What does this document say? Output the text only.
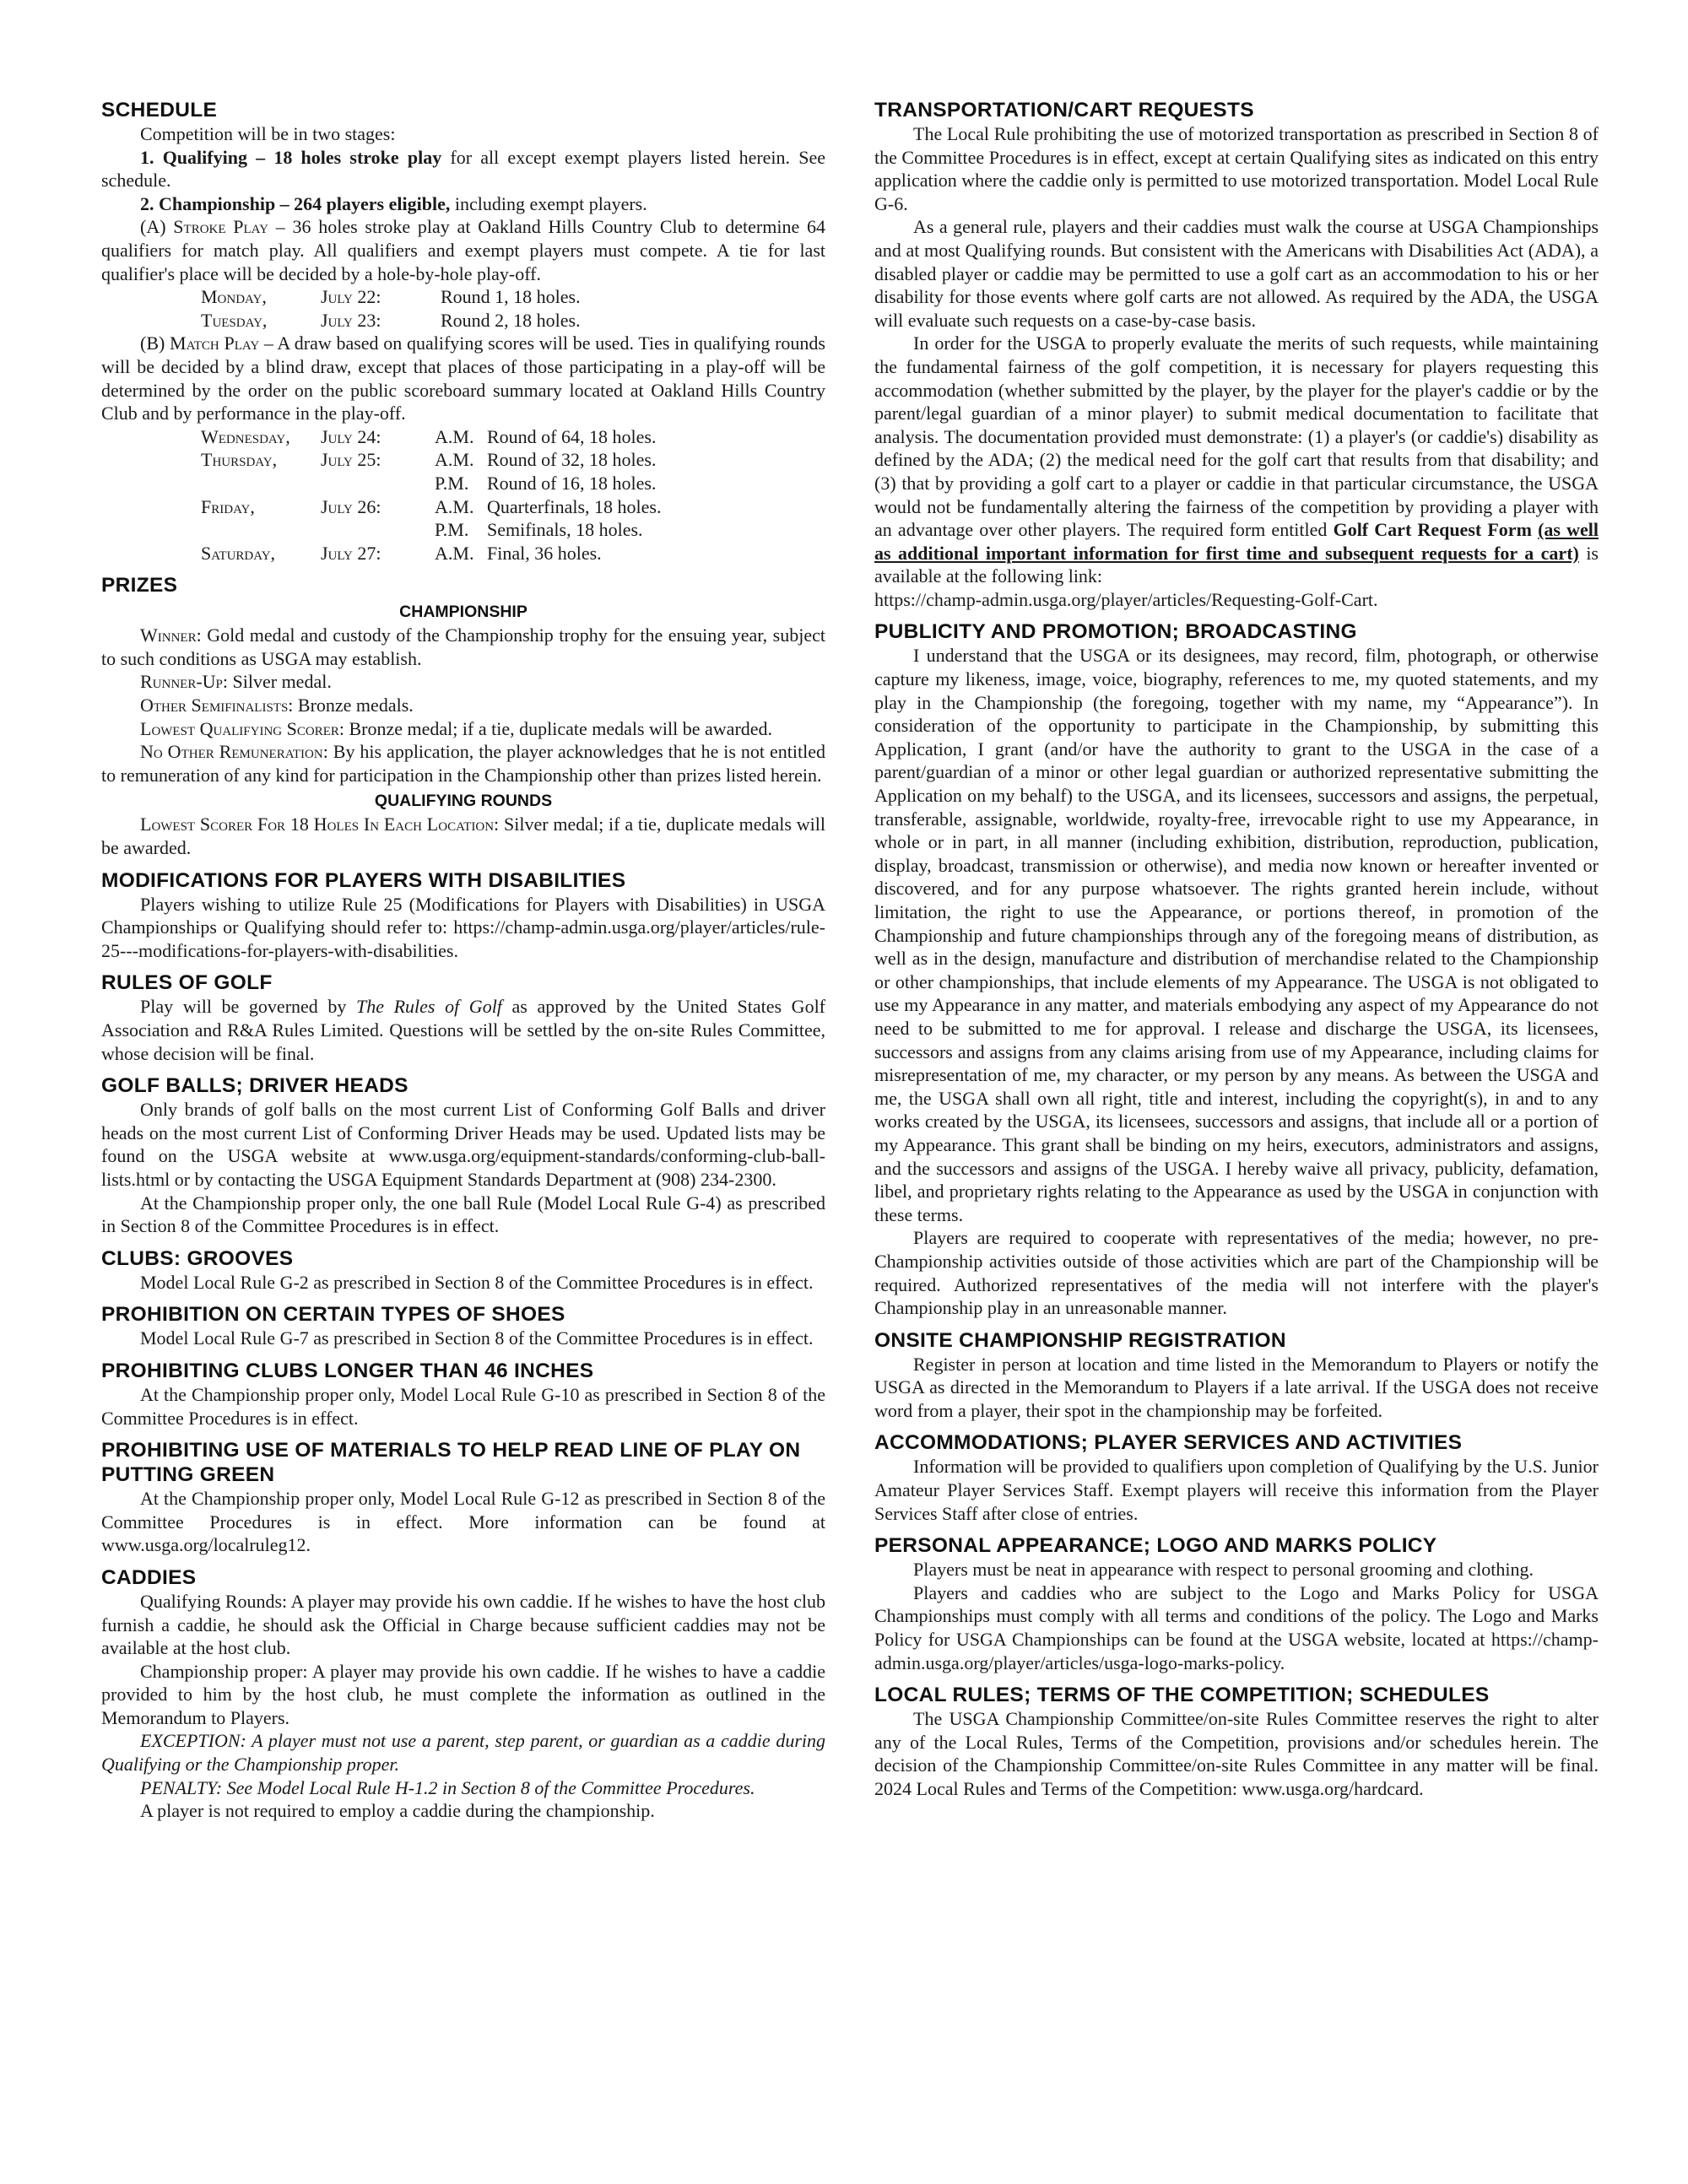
SCHEDULE

Competition will be in two stages:

1. Qualifying – 18 holes stroke play for all except exempt players listed herein. See schedule.

2. Championship – 264 players eligible, including exempt players.

(A) Stroke Play – 36 holes stroke play at Oakland Hills Country Club to determine 64 qualifiers for match play. All qualifiers and exempt players must compete. A tie for last qualifier's place will be decided by a hole-by-hole play-off.

Monday,	July 22:	Round 1, 18 holes.
Tuesday,	July 23:	Round 2, 18 holes.

(B) Match Play – A draw based on qualifying scores will be used. Ties in qualifying rounds will be decided by a blind draw, except that places of those participating in a play-off will be determined by the order on the public scoreboard summary located at Oakland Hills Country Club and by performance in the play-off.

Wednesday,	July 24:	A.M.	Round of 64, 18 holes.
Thursday,	July 25:	A.M.	Round of 32, 18 holes.
		P.M.	Round of 16, 18 holes.
Friday,	July 26:	A.M.	Quarterfinals, 18 holes.
		P.M.	Semifinals, 18 holes.
Saturday,	July 27:	A.M.	Final, 36 holes.
PRIZES
CHAMPIONSHIP

Winner: Gold medal and custody of the Championship trophy for the ensuing year, subject to such conditions as USGA may establish.

Runner-Up: Silver medal.

Other Semifinalists: Bronze medals.

Lowest Qualifying Scorer: Bronze medal; if a tie, duplicate medals will be awarded.

No Other Remuneration: By his application, the player acknowledges that he is not entitled to remuneration of any kind for participation in the Championship other than prizes listed herein.

QUALIFYING ROUNDS

Lowest Scorer For 18 Holes In Each Location: Silver medal; if a tie, duplicate medals will be awarded.

MODIFICATIONS FOR PLAYERS WITH DISABILITIES

Players wishing to utilize Rule 25 (Modifications for Players with Disabilities) in USGA Championships or Qualifying should refer to: https://champ-admin.usga.org/player/articles/rule-25---modifications-for-players-with-disabilities.

RULES OF GOLF

Play will be governed by The Rules of Golf as approved by the United States Golf Association and R&A Rules Limited. Questions will be settled by the on-site Rules Committee, whose decision will be final.

GOLF BALLS; DRIVER HEADS

Only brands of golf balls on the most current List of Conforming Golf Balls and driver heads on the most current List of Conforming Driver Heads may be used. Updated lists may be found on the USGA website at www.usga.org/equipment-standards/conforming-club-ball-lists.html or by contacting the USGA Equipment Standards Department at (908) 234-2300.

At the Championship proper only, the one ball Rule (Model Local Rule G-4) as prescribed in Section 8 of the Committee Procedures is in effect.

CLUBS: GROOVES

Model Local Rule G-2 as prescribed in Section 8 of the Committee Procedures is in effect.

PROHIBITION ON CERTAIN TYPES OF SHOES

Model Local Rule G-7 as prescribed in Section 8 of the Committee Procedures is in effect.

PROHIBITING CLUBS LONGER THAN 46 INCHES

At the Championship proper only, Model Local Rule G-10 as prescribed in Section 8 of the Committee Procedures is in effect.

PROHIBITING USE OF MATERIALS TO HELP READ LINE OF PLAY ON PUTTING GREEN

At the Championship proper only, Model Local Rule G-12 as prescribed in Section 8 of the Committee Procedures is in effect. More information can be found at www.usga.org/localruleg12.

CADDIES

Qualifying Rounds: A player may provide his own caddie. If he wishes to have the host club furnish a caddie, he should ask the Official in Charge because sufficient caddies may not be available at the host club.

Championship proper: A player may provide his own caddie. If he wishes to have a caddie provided to him by the host club, he must complete the information as outlined in the Memorandum to Players.

EXCEPTION: A player must not use a parent, step parent, or guardian as a caddie during Qualifying or the Championship proper.

PENALTY: See Model Local Rule H-1.2 in Section 8 of the Committee Procedures.

A player is not required to employ a caddie during the championship.

TRANSPORTATION/CART REQUESTS

The Local Rule prohibiting the use of motorized transportation as prescribed in Section 8 of the Committee Procedures is in effect, except at certain Qualifying sites as indicated on this entry application where the caddie only is permitted to use motorized transportation. Model Local Rule G-6.

As a general rule, players and their caddies must walk the course at USGA Championships and at most Qualifying rounds. But consistent with the Americans with Disabilities Act (ADA), a disabled player or caddie may be permitted to use a golf cart as an accommodation to his or her disability for those events where golf carts are not allowed. As required by the ADA, the USGA will evaluate such requests on a case-by-case basis.

In order for the USGA to properly evaluate the merits of such requests, while maintaining the fundamental fairness of the golf competition, it is necessary for players requesting this accommodation (whether submitted by the player, by the player for the player's caddie or by the parent/legal guardian of a minor player) to submit medical documentation to facilitate that analysis. The documentation provided must demonstrate: (1) a player's (or caddie's) disability as defined by the ADA; (2) the medical need for the golf cart that results from that disability; and (3) that by providing a golf cart to a player or caddie in that particular circumstance, the USGA would not be fundamentally altering the fairness of the competition by providing a player with an advantage over other players. The required form entitled Golf Cart Request Form (as well as additional important information for first time and subsequent requests for a cart) is available at the following link:

https://champ-admin.usga.org/player/articles/Requesting-Golf-Cart.

PUBLICITY AND PROMOTION; BROADCASTING

I understand that the USGA or its designees, may record, film, photograph, or otherwise capture my likeness, image, voice, biography, references to me, my quoted statements, and my play in the Championship (the foregoing, together with my name, my “Appearance”). In consideration of the opportunity to participate in the Championship, by submitting this Application, I grant (and/or have the authority to grant to the USGA in the case of a parent/guardian of a minor or other legal guardian or authorized representative submitting the Application on my behalf) to the USGA, and its licensees, successors and assigns, the perpetual, transferable, assignable, worldwide, royalty-free, irrevocable right to use my Appearance, in whole or in part, in all manner (including exhibition, distribution, reproduction, publication, display, broadcast, transmission or otherwise), and media now known or hereafter invented or discovered, and for any purpose whatsoever. The rights granted herein include, without limitation, the right to use the Appearance, or portions thereof, in promotion of the Championship and future championships through any of the foregoing means of distribution, as well as in the design, manufacture and distribution of merchandise related to the Championship or other championships, that include elements of my Appearance. The USGA is not obligated to use my Appearance in any matter, and materials embodying any aspect of my Appearance do not need to be submitted to me for approval. I release and discharge the USGA, its licensees, successors and assigns from any claims arising from use of my Appearance, including claims for misrepresentation of me, my character, or my person by any means. As between the USGA and me, the USGA shall own all right, title and interest, including the copyright(s), in and to any works created by the USGA, its licensees, successors and assigns, that include all or a portion of my Appearance. This grant shall be binding on my heirs, executors, administrators and assigns, and the successors and assigns of the USGA. I hereby waive all privacy, publicity, defamation, libel, and proprietary rights relating to the Appearance as used by the USGA in conjunction with these terms.

Players are required to cooperate with representatives of the media; however, no pre-Championship activities outside of those activities which are part of the Championship will be required. Authorized representatives of the media will not interfere with the player's Championship play in an unreasonable manner.

ONSITE CHAMPIONSHIP REGISTRATION

Register in person at location and time listed in the Memorandum to Players or notify the USGA as directed in the Memorandum to Players if a late arrival. If the USGA does not receive word from a player, their spot in the championship may be forfeited.

ACCOMMODATIONS; PLAYER SERVICES AND ACTIVITIES

Information will be provided to qualifiers upon completion of Qualifying by the U.S. Junior Amateur Player Services Staff. Exempt players will receive this information from the Player Services Staff after close of entries.

PERSONAL APPEARANCE; LOGO AND MARKS POLICY

Players must be neat in appearance with respect to personal grooming and clothing.

Players and caddies who are subject to the Logo and Marks Policy for USGA Championships must comply with all terms and conditions of the policy. The Logo and Marks Policy for USGA Championships can be found at the USGA website, located at https://champ-admin.usga.org/player/articles/usga-logo-marks-policy.

LOCAL RULES; TERMS OF THE COMPETITION; SCHEDULES

The USGA Championship Committee/on-site Rules Committee reserves the right to alter any of the Local Rules, Terms of the Competition, provisions and/or schedules herein. The decision of the Championship Committee/on-site Rules Committee in any matter will be final. 2024 Local Rules and Terms of the Competition: www.usga.org/hardcard.
